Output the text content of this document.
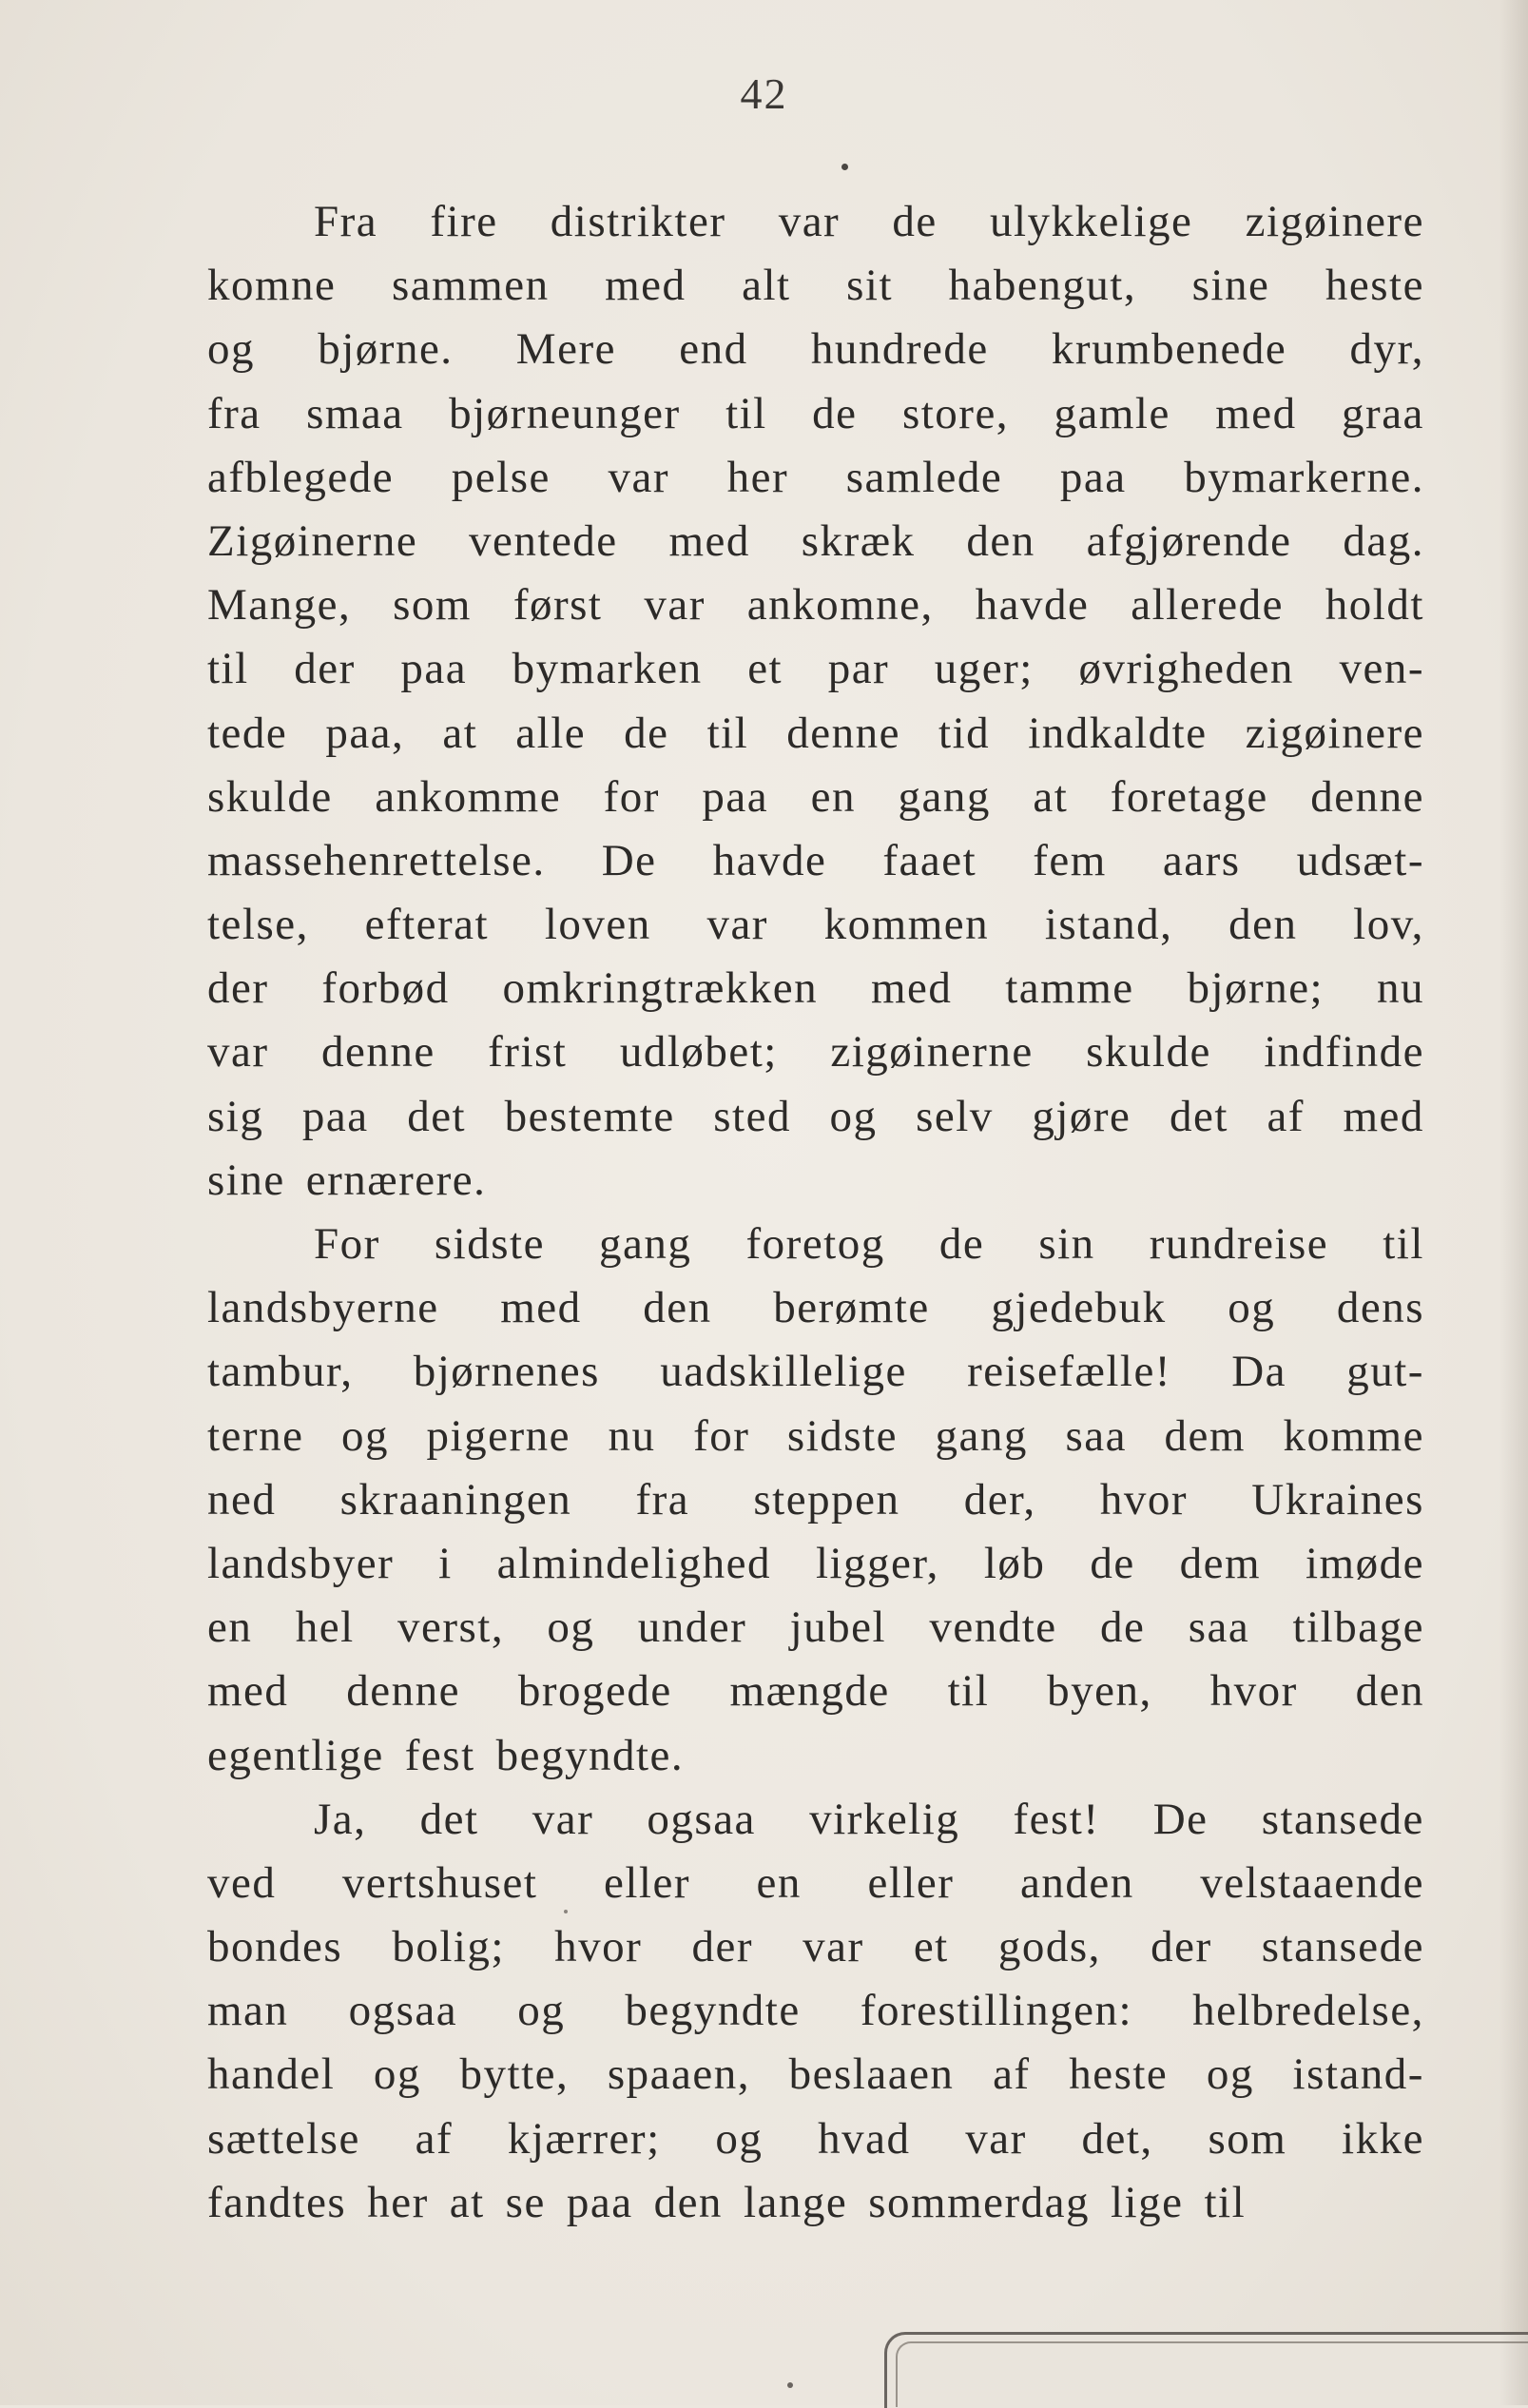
42
Fra fire distrikter var de ulykkelige zigøinere
komne sammen med alt sit habengut, sine heste
og bjørne. Mere end hundrede krumbenede dyr,
fra smaa bjørneunger til de store, gamle med graa
afblegede pelse var her samlede paa bymarkerne.
Zigøinerne ventede med skræk den afgjørende dag.
Mange, som først var ankomne, havde allerede holdt
til der paa bymarken et par uger; øvrigheden ven-
tede paa, at alle de til denne tid indkaldte zigøinere
skulde ankomme for paa en gang at foretage denne
massehenrettelse. De havde faaet fem aars udsæt-
telse, efterat loven var kommen istand, den lov,
der forbød omkringtrækken med tamme bjørne; nu
var denne frist udløbet; zigøinerne skulde indfinde
sig paa det bestemte sted og selv gjøre det af med
sine ernærere.
For sidste gang foretog de sin rundreise til
landsbyerne med den berømte gjedebuk og dens
tambur, bjørnenes uadskillelige reisefælle! Da gut-
terne og pigerne nu for sidste gang saa dem komme
ned skraaningen fra steppen der, hvor Ukraines
landsbyer i almindelighed ligger, løb de dem imøde
en hel verst, og under jubel vendte de saa tilbage
med denne brogede mængde til byen, hvor den
egentlige fest begyndte.
Ja, det var ogsaa virkelig fest! De stansede
ved vertshuset eller en eller anden velstaaende
bondes bolig; hvor der var et gods, der stansede
man ogsaa og begyndte forestillingen: helbredelse,
handel og bytte, spaaen, beslaaen af heste og istand-
sættelse af kjærrer; og hvad var det, som ikke
fandtes her at se paa den lange sommerdag lige til
